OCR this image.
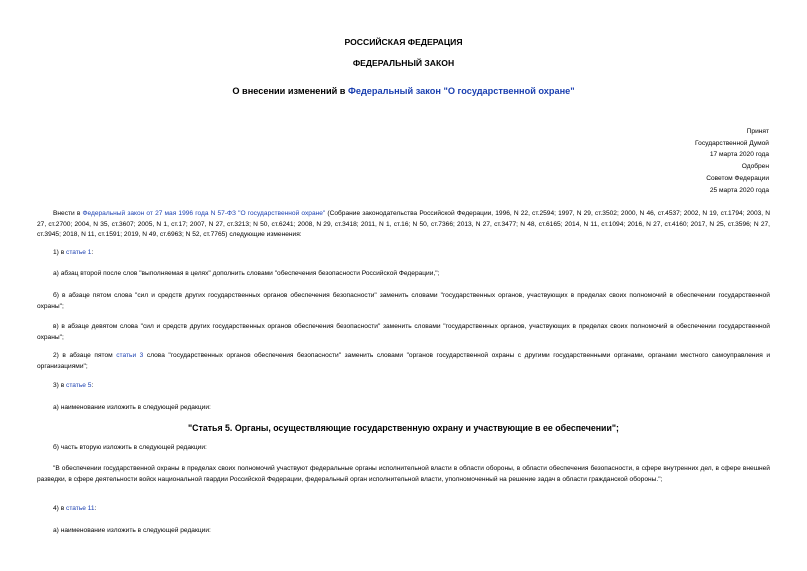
РОССИЙСКАЯ ФЕДЕРАЦИЯ
ФЕДЕРАЛЬНЫЙ ЗАКОН
О внесении изменений в Федеральный закон "О государственной охране"
Принят
Государственной Думой
17 марта 2020 года
Одобрен
Советом Федерации
25 марта 2020 года
Внести в Федеральный закон от 27 мая 1996 года N 57-ФЗ "О государственной охране" (Собрание законодательства Российской Федерации, 1996, N 22, ст.2594; 1997, N 29, ст.3502; 2000, N 46, ст.4537; 2002, N 19, ст.1794; 2003, N 27, ст.2700; 2004, N 35, ст.3607; 2005, N 1, ст.17; 2007, N 27, ст.3213; N 50, ст.6241; 2008, N 29, ст.3418; 2011, N 1, ст.16; N 50, ст.7366; 2013, N 27, ст.3477; N 48, ст.6165; 2014, N 11, ст.1094; 2016, N 27, ст.4160; 2017, N 25, ст.3596; N 27, ст.3945; 2018, N 11, ст.1591; 2019, N 49, ст.6963; N 52, ст.7765) следующие изменения:
1) в статье 1:
а) абзац второй после слов "выполняемая в целях" дополнить словами "обеспечения безопасности Российской Федерации,";
б) в абзаце пятом слова "сил и средств других государственных органов обеспечения безопасности" заменить словами "государственных органов, участвующих в пределах своих полномочий в обеспечении государственной охраны";
в) в абзаце девятом слова "сил и средств других государственных органов обеспечения безопасности" заменить словами "государственных органов, участвующих в пределах своих полномочий в обеспечении государственной охраны";
2) в абзаце пятом статьи 3 слова "государственных органов обеспечения безопасности" заменить словами "органов государственной охраны с другими государственными органами, органами местного самоуправления и организациями";
3) в статье 5:
а) наименование изложить в следующей редакции:
"Статья 5. Органы, осуществляющие государственную охрану и участвующие в ее обеспечении";
б) часть вторую изложить в следующей редакции:
"В обеспечении государственной охраны в пределах своих полномочий участвуют федеральные органы исполнительной власти в области обороны, в области обеспечения безопасности, в сфере внутренних дел, в сфере внешней разведки, в сфере деятельности войск национальной гвардии Российской Федерации, федеральный орган исполнительной власти, уполномоченный на решение задач в области гражданской обороны.";
4) в статье 11:
а) наименование изложить в следующей редакции:
